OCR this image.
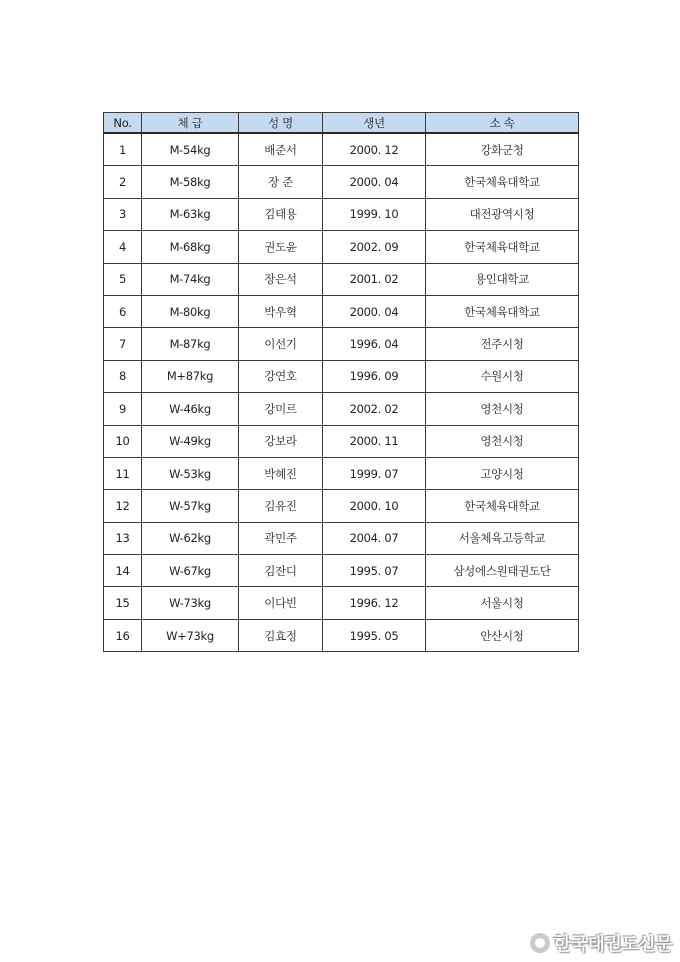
No.	체 급	성 명	생년	소 속
1	M-54kg	배준서	2000. 12	강화군청
2	M-58kg	장 준	2000. 04	한국체육대학교
3	M-63kg	김태용	1999. 10	대전광역시청
4	M-68kg	권도윤	2002. 09	한국체육대학교
5	M-74kg	장은석	2001. 02	용인대학교
6	M-80kg	박우혁	2000. 04	한국체육대학교
7	M-87kg	이선기	1996. 04	전주시청
8	M+87kg	강연호	1996. 09	수원시청
9	W-46kg	강미르	2002. 02	영천시청
10	W-49kg	강보라	2000. 11	영천시청
11	W-53kg	박혜진	1999. 07	고양시청
12	W-57kg	김유진	2000. 10	한국체육대학교
13	W-62kg	곽민주	2004. 07	서울체육고등학교
14	W-67kg	김잔디	1995. 07	삼성에스원태권도단
15	W-73kg	이다빈	1996. 12	서울시청
16	W+73kg	김효정	1995. 05	안산시청
한국태권도신문
